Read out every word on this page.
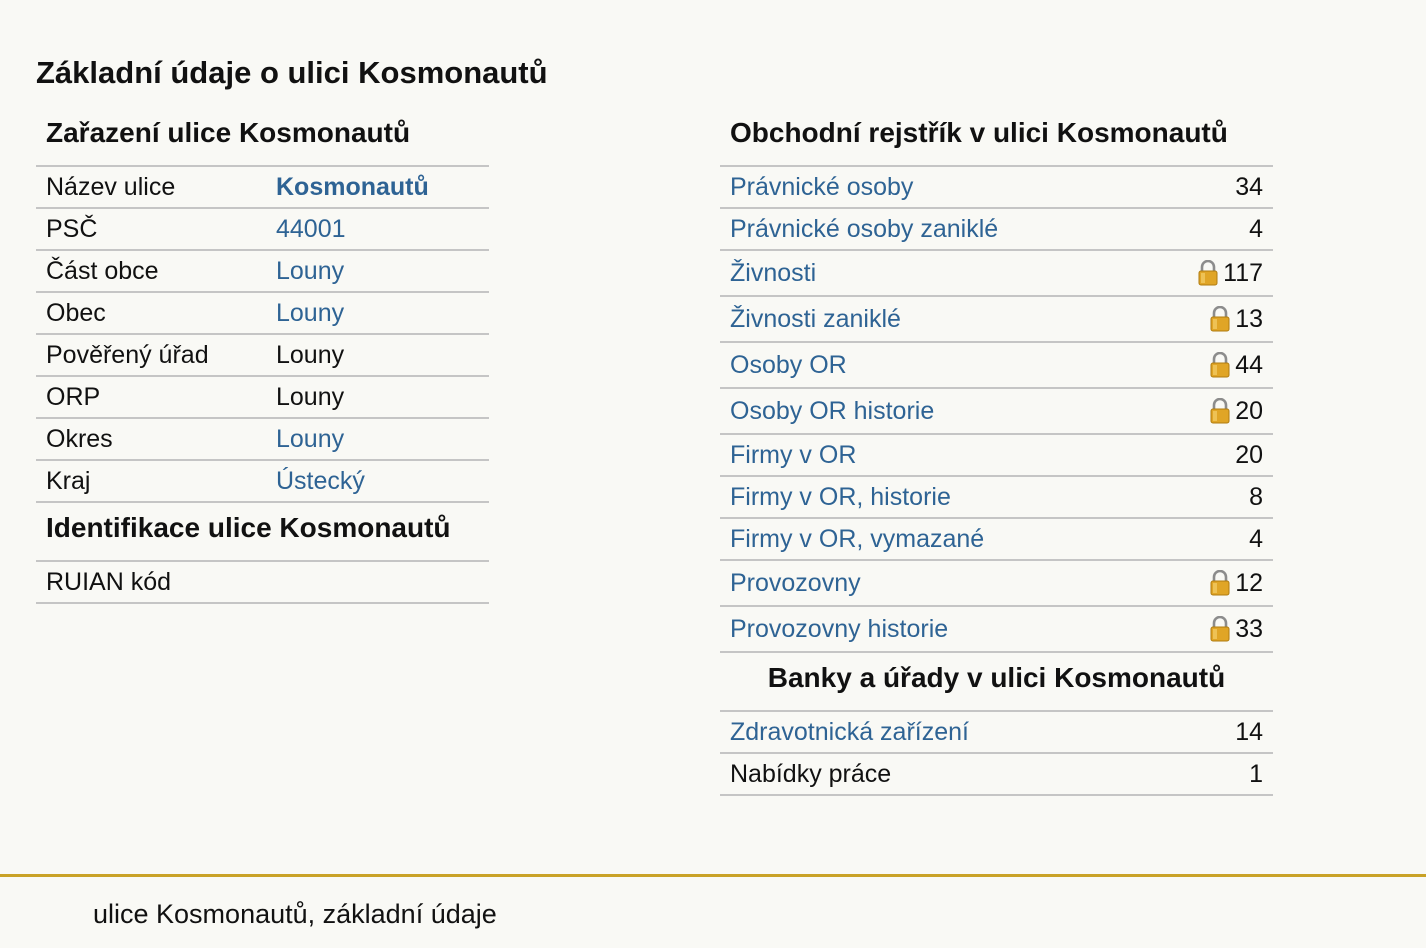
Základní údaje o ulici Kosmonautů
Zařazení ulice Kosmonautů
Název ulice	Kosmonautů
PSČ	44001
Část obce	Louny
Obec	Louny
Pověřený úřad	Louny
ORP	Louny
Okres	Louny
Kraj	Ústecký
Identifikace ulice Kosmonautů
RUIAN kód
Obchodní rejstřík v ulici Kosmonautů
Právnické osoby	34
Právnické osoby zaniklé	4
Živnosti	117
Živnosti zaniklé	13
Osoby OR	44
Osoby OR historie	20
Firmy v OR	20
Firmy v OR, historie	8
Firmy v OR, vymazané	4
Provozovny	12
Provozovny historie	33
Banky a úřady v ulici Kosmonautů
Zdravotnická zařízení	14
Nabídky práce	1
ulice Kosmonautů, základní údaje
